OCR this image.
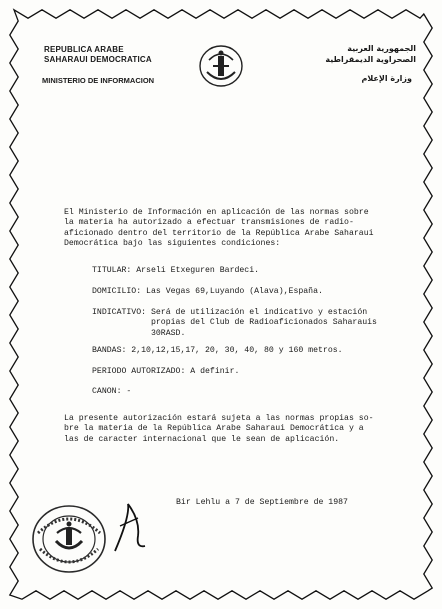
REPUBLICA ARABE
SAHARAUI DEMOCRATICA
MINISTERIO DE INFORMACION
الجمهورية العربية
الصحراوية الديمقراطية
وزارة الإعلام
El Ministerio de Información en aplicación de las normas sobre
la materia ha autorizado a efectuar transmisiones de radio-
aficionado dentro del territorio de la República Arabe Saharaui
Democrática bajo las siguientes condiciones:
TITULAR: Arseli Etxeguren Bardeci.
DOMICILIO: Las Vegas 69,Luyando (Alava),España.
INDICATIVO: Será de utilización el indicativo y estación
propias del Club de Radioaficionados Saharauis
30RASD.
BANDAS: 2,10,12,15,17, 20, 30, 40, 80 y 160 metros.
PERIODO AUTORIZADO: A definir.
CANON: -
La presente autorización estará sujeta a las normas propias so-
bre la materia de la República Arabe Saharaui Democrática y a
las de caracter internacional que le sean de aplicación.
Bir Lehlu a 7 de Septiembre de 1987
